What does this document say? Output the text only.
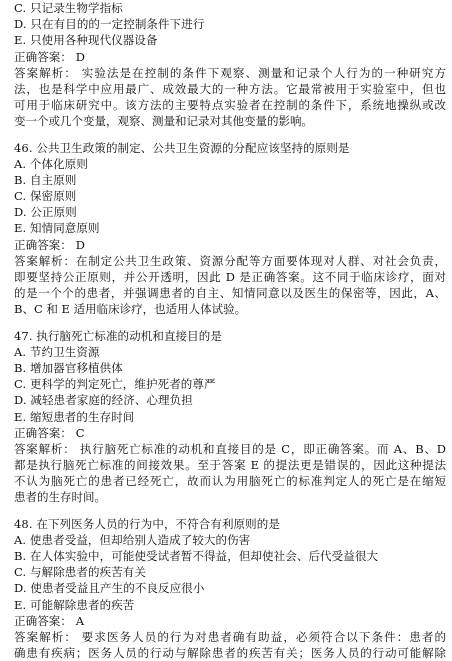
C. 只记录生物学指标
D. 只在有目的的一定控制条件下进行
E. 只使用各种现代仪器设备
正确答案： D
答案解析： 实验法是在控制的条件下观察、测量和记录个人行为的一种研究方
法，也是科学中应用最广、成效最大的一种方法。它最常被用于实验室中，但也
可用于临床研究中。该方法的主要特点实验者在控制的条件下，系统地操纵或改
变一个或几个变量，观察、测量和记录对其他变量的影响。
46. 公共卫生政策的制定、公共卫生资源的分配应该坚持的原则是
A. 个体化原则
B. 自主原则
C. 保密原则
D. 公正原则
E. 知情同意原则
正确答案： D
答案解析：在制定公共卫生政策、资源分配等方面要体现对人群、对社会负责，
即要坚持公正原则，并公开透明，因此 D 是正确答案。这不同于临床诊疗，面对
的是一个个的患者，并强调患者的自主、知情同意以及医生的保密等，因此，A、
B、C 和 E 适用临床诊疗，也适用人体试验。
47. 执行脑死亡标准的动机和直接目的是
A. 节约卫生资源
B. 增加器官移植供体
C. 更科学的判定死亡，维护死者的尊严
D. 减轻患者家庭的经济、心理负担
E. 缩短患者的生存时间
正确答案： C
答案解析： 执行脑死亡标准的动机和直接目的是 C，即正确答案。而 A、B、D
都是执行脑死亡标准的间接效果。至于答案 E 的提法更是错误的，因此这种提法
不认为脑死亡的患者已经死亡，故而认为用脑死亡的标准判定人的死亡是在缩短
患者的生存时间。
48. 在下列医务人员的行为中，不符合有利原则的是
A. 使患者受益，但却给别人造成了较大的伤害
B. 在人体实验中，可能使受试者暂不得益，但却使社会、后代受益很大
C. 与解除患者的疾苦有关
D. 使患者受益且产生的不良反应很小
E. 可能解除患者的疾苦
正确答案： A
答案解析： 要求医务人员的行为对患者确有助益，必须符合以下条件：患者的
确患有疾病；医务人员的行动与解除患者的疾苦有关；医务人员的行动可能解除
